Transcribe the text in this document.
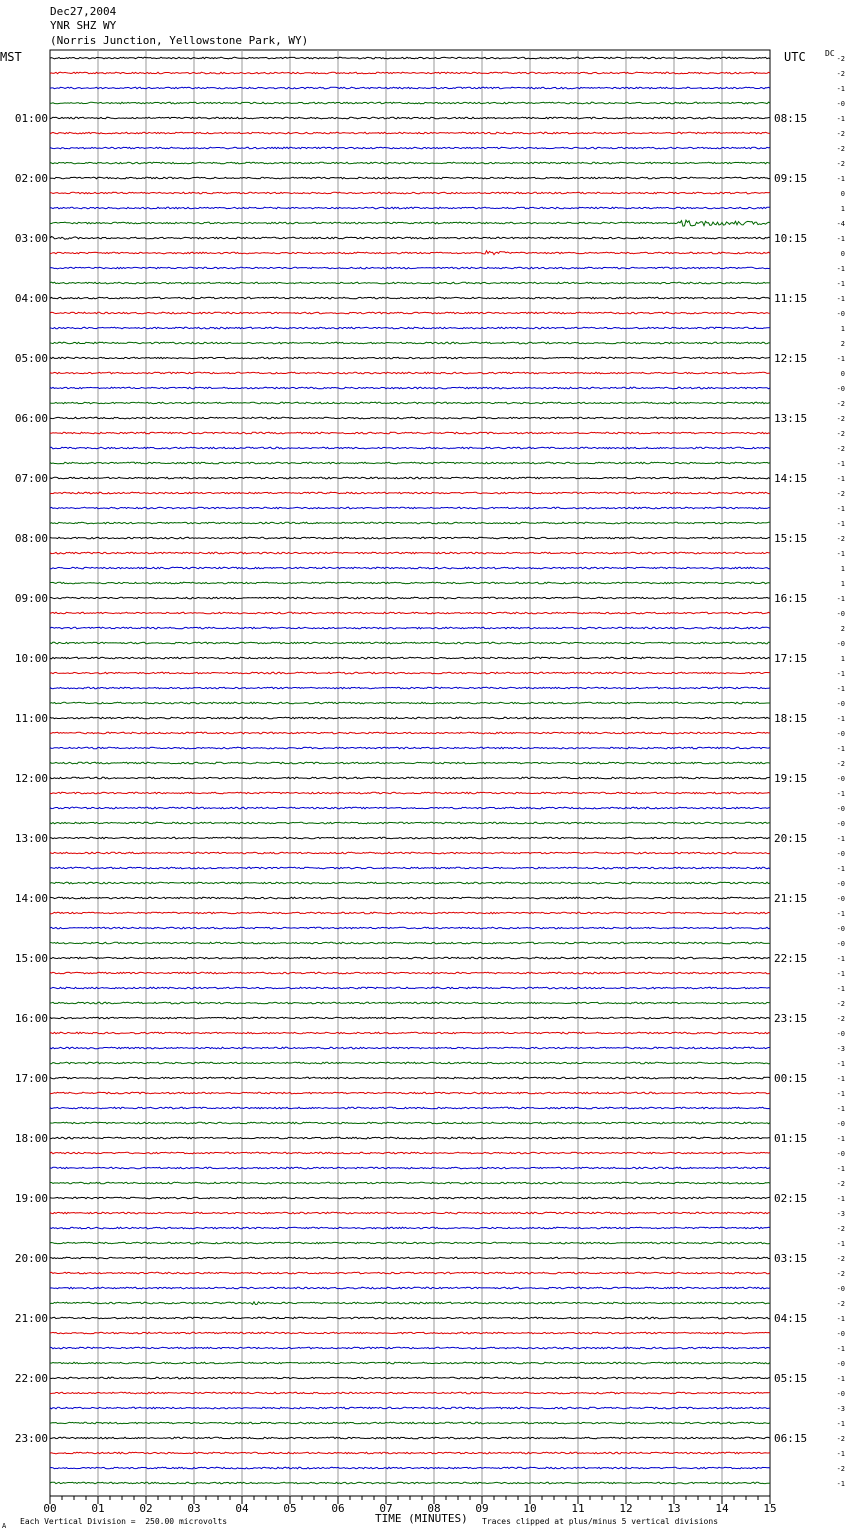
Dec27,2004
YNR SHZ WY
(Norris Junction, Yellowstone Park, WY)
MST	UTC DC
-2
-2
-1
-0
-1
-2
-2
-2
-1
0
1
-4
-1
0
-1
-1
-1
-0
1
2
-1
0
-0
-2
-2
-2
-2
-1
-1
-2
-1
-1
-2
-1
1
1
-1
-0
2
-0
1
-1
-1
-0
-1
-0
-1
-2
-0
-1
-0
-0
-1
-0
-1
-0
-0
-1
-0
-0
-1
-1
-1
-2
-2
-0
-3
-1
-1
-1
-1
-0
-1
-0
-1
-2
-1
-3
-2
-1
-2
-2
-0
-2
-1
-0
-1
-0
-1
-0
-3
-1
-2
-1
-2
-1
01:00
02:00
03:00
04:00
05:00
06:00
07:00
08:00
09:00
10:00
11:00
12:00
13:00
14:00
15:00
16:00
17:00
18:00
19:00
20:00
21:00
22:00
23:00
08:15
09:15
10:15
11:15
12:15
13:15
14:15
15:15
16:15
17:15
18:15
19:15
20:15
21:15
22:15
23:15
00:15
01:15
02:15
03:15
04:15
05:15
06:15
00	01	02	03	04	05	06	07	08	09	10	11	12	13	14	15
A Each Vertical Division =  250.00 microvolts	TIME (MINUTES) Traces clipped at plus/minus 5 vertical divisions
